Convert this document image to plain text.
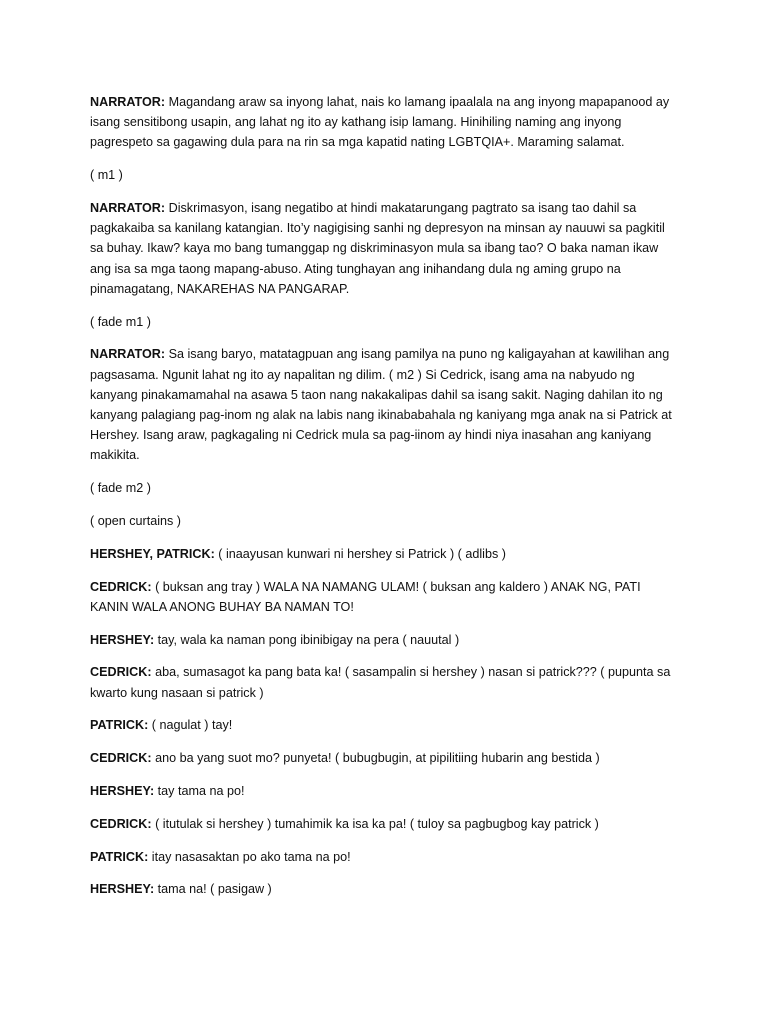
NARRATOR: Magandang araw sa inyong lahat, nais ko lamang ipaalala na ang inyong mapapanood ay isang sensitibong usapin, ang lahat ng ito ay kathang isip lamang. Hinihiling naming ang inyong pagrespeto sa gagawing dula para na rin sa mga kapatid nating LGBTQIA+. Maraming salamat.

( m1 )

NARRATOR: Diskrimasyon, isang negatibo at hindi makatarungang pagtrato sa isang tao dahil sa pagkakaiba sa kanilang katangian. Ito’y nagigising sanhi ng depresyon na minsan ay nauuwi sa pagkitil sa buhay. Ikaw? kaya mo bang tumanggap ng diskriminasyon mula sa ibang tao? O baka naman ikaw ang isa sa mga taong mapang-abuso. Ating tunghayan ang inihandang dula ng aming grupo na pinamagatang, NAKAREHAS NA PANGARAP.

( fade m1 )

NARRATOR: Sa isang baryo, matatagpuan ang isang pamilya na puno ng kaligayahan at kawilihan ang pagsasama. Ngunit lahat ng ito ay napalitan ng dilim. ( m2 ) Si Cedrick, isang ama na nabyudo ng kanyang pinakamamahal na asawa 5 taon nang nakakalipas dahil sa isang sakit. Naging dahilan ito ng kanyang palagiang pag-inom ng alak na labis nang ikinababahala ng kaniyang mga anak na si Patrick at Hershey. Isang araw, pagkagaling ni Cedrick mula sa pag-iinom ay hindi niya inasahan ang kaniyang makikita.

( fade m2 )

( open curtains )

HERSHEY, PATRICK: ( inaayusan kunwari ni hershey si Patrick ) ( adlibs )

CEDRICK: ( buksan ang tray ) WALA NA NAMANG ULAM! ( buksan ang kaldero ) ANAK NG, PATI KANIN WALA ANONG BUHAY BA NAMAN TO!

HERSHEY: tay, wala ka naman pong ibinibigay na pera ( nauutal )

CEDRICK: aba, sumasagot ka pang bata ka! ( sasampalin si hershey ) nasan si patrick??? ( pupunta sa kwarto kung nasaan si patrick )

PATRICK: ( nagulat ) tay!

CEDRICK: ano ba yang suot mo? punyeta! ( bubugbugin, at pipilitiing hubarin ang bestida )

HERSHEY: tay tama na po!

CEDRICK: ( itutulak si hershey ) tumahimik ka isa ka pa! ( tuloy sa pagbugbog kay patrick )

PATRICK: itay nasasaktan po ako tama na po!

HERSHEY: tama na! ( pasigaw )
